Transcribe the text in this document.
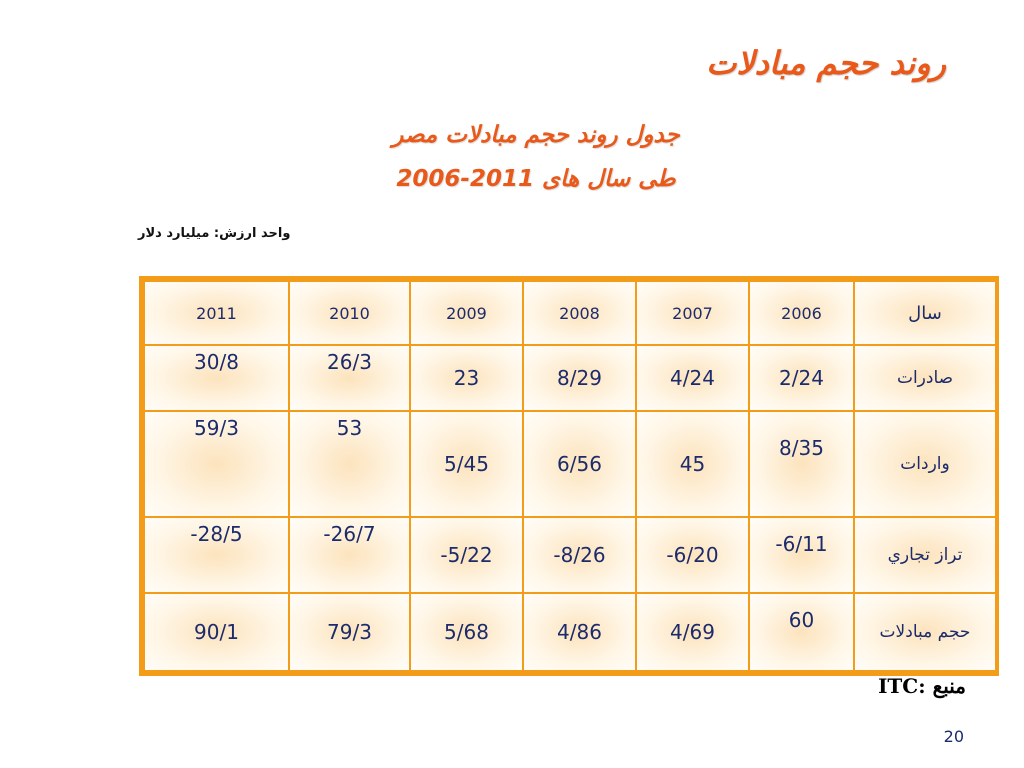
روند حجم مبادلات
جدول روند حجم مبادلات مصر
طی سال های 2011-2006
واحد ارزش: میلیارد دلار
2011	2010	2009	2008	2007	2006	سال
30/8	26/3	23	8/29	4/24	2/24	صادرات
59/3	53	5/45	6/56	45	8/35	واردات
-28/5	-26/7	-5/22	-8/26	-6/20	-6/11	تراز تجاري
90/1	79/3	5/68	4/86	4/69	60	حجم مبادلات
منبع :ITC
20
